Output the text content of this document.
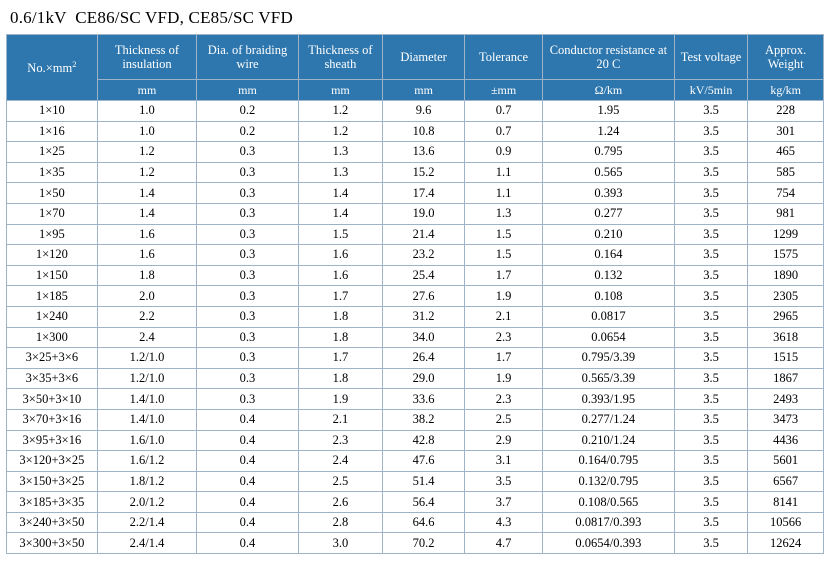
0.6/1kV  CE86/SC VFD, CE85/SC VFD
$No.\times mm^2$	Thickness of insulation	Dia. of braiding wire	Thickness of sheath	Diameter	Tolerance	Conductor resistance at 20 C	Test voltage	Approx. Weight
	mm	mm	mm	mm	±mm	Ω/km	kV/5min	kg/km
1×10	1.0	0.2	1.2	9.6	0.7	1.95	3.5	228
1×16	1.0	0.2	1.2	10.8	0.7	1.24	3.5	301
1×25	1.2	0.3	1.3	13.6	0.9	0.795	3.5	465
1×35	1.2	0.3	1.3	15.2	1.1	0.565	3.5	585
1×50	1.4	0.3	1.4	17.4	1.1	0.393	3.5	754
1×70	1.4	0.3	1.4	19.0	1.3	0.277	3.5	981
1×95	1.6	0.3	1.5	21.4	1.5	0.210	3.5	1299
1×120	1.6	0.3	1.6	23.2	1.5	0.164	3.5	1575
1×150	1.8	0.3	1.6	25.4	1.7	0.132	3.5	1890
1×185	2.0	0.3	1.7	27.6	1.9	0.108	3.5	2305
1×240	2.2	0.3	1.8	31.2	2.1	0.0817	3.5	2965
1×300	2.4	0.3	1.8	34.0	2.3	0.0654	3.5	3618
3×25+3×6	1.2/1.0	0.3	1.7	26.4	1.7	0.795/3.39	3.5	1515
3×35+3×6	1.2/1.0	0.3	1.8	29.0	1.9	0.565/3.39	3.5	1867
3×50+3×10	1.4/1.0	0.3	1.9	33.6	2.3	0.393/1.95	3.5	2493
3×70+3×16	1.4/1.0	0.4	2.1	38.2	2.5	0.277/1.24	3.5	3473
3×95+3×16	1.6/1.0	0.4	2.3	42.8	2.9	0.210/1.24	3.5	4436
3×120+3×25	1.6/1.2	0.4	2.4	47.6	3.1	0.164/0.795	3.5	5601
3×150+3×25	1.8/1.2	0.4	2.5	51.4	3.5	0.132/0.795	3.5	6567
3×185+3×35	2.0/1.2	0.4	2.6	56.4	3.7	0.108/0.565	3.5	8141
3×240+3×50	2.2/1.4	0.4	2.8	64.6	4.3	0.0817/0.393	3.5	10566
3×300+3×50	2.4/1.4	0.4	3.0	70.2	4.7	0.0654/0.393	3.5	12624
